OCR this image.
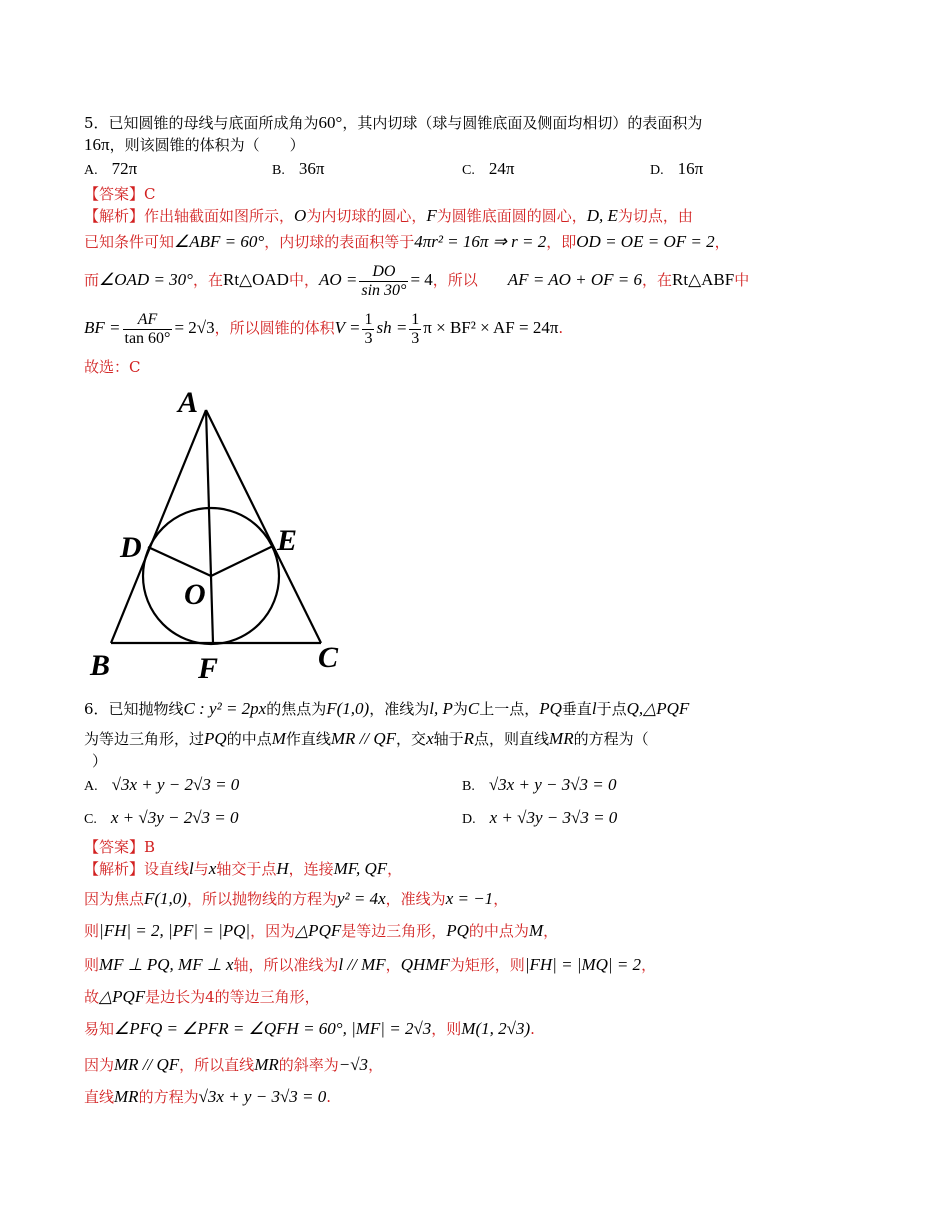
5．已知圆锥的母线与底面所成角为60°，其内切球（球与圆锥底面及侧面均相切）的表面积为
16π，则该圆锥的体积为（　　）
A. 72π	B. 36π	C. 24π	D. 16π
【答案】C
【解析】作出轴截面如图所示，O为内切球的圆心，F为圆锥底面圆的圆心，D, E为切点，由
已知条件可知∠ABF = 60°，内切球的表面积等于4πr² = 16π ⇒ r = 2，即OD = OE = OF = 2，
而∠OAD = 30°，在Rt△OAD中，AO = $\frac{DO}{\sin 30^\circ} = 4$，所以 AF = AO + OF = 6，在Rt△ABF中
BF = $\frac{AF}{\tan 60^\circ} = 2√3$，所以圆锥的体积$V = \frac{1}{3}$ sh = $\frac{1}{3}$ π × BF² × AF = 24π.
故选：C
A
D	E
O
B	F	C
6．已知抛物线C : y² = 2px的焦点为F(1,0)，准线为l, P为C上一点，PQ垂直l于点Q,△PQF
为等边三角形，过PQ的中点M作直线MR // QF，交x轴于R点，则直线MR的方程为（
）
A. √3x + y − 2√3 = 0	B. √3x + y − 3√3 = 0
C. x + √3y − 2√3 = 0	D. x + √3y − 3√3 = 0
【答案】B
【解析】设直线l与x轴交于点H，连接MF, QF，
因为焦点F(1,0)，所以抛物线的方程为y² = 4x，准线为x = −1，
则|FH| = 2, |PF| = |PQ|，因为△PQF是等边三角形，PQ的中点为M，
则MF ⊥ PQ, MF ⊥ x轴，所以准线为l // MF，QHMF为矩形，则|FH| = |MQ| = 2，
故△PQF是边长为4的等边三角形，
易知∠PFQ = ∠PFR = ∠QFH = 60°, |MF| = 2√3，则M(1, 2√3).
因为MR // QF，所以直线MR的斜率为−√3，
直线MR的方程为√3x + y − 3√3 = 0.
